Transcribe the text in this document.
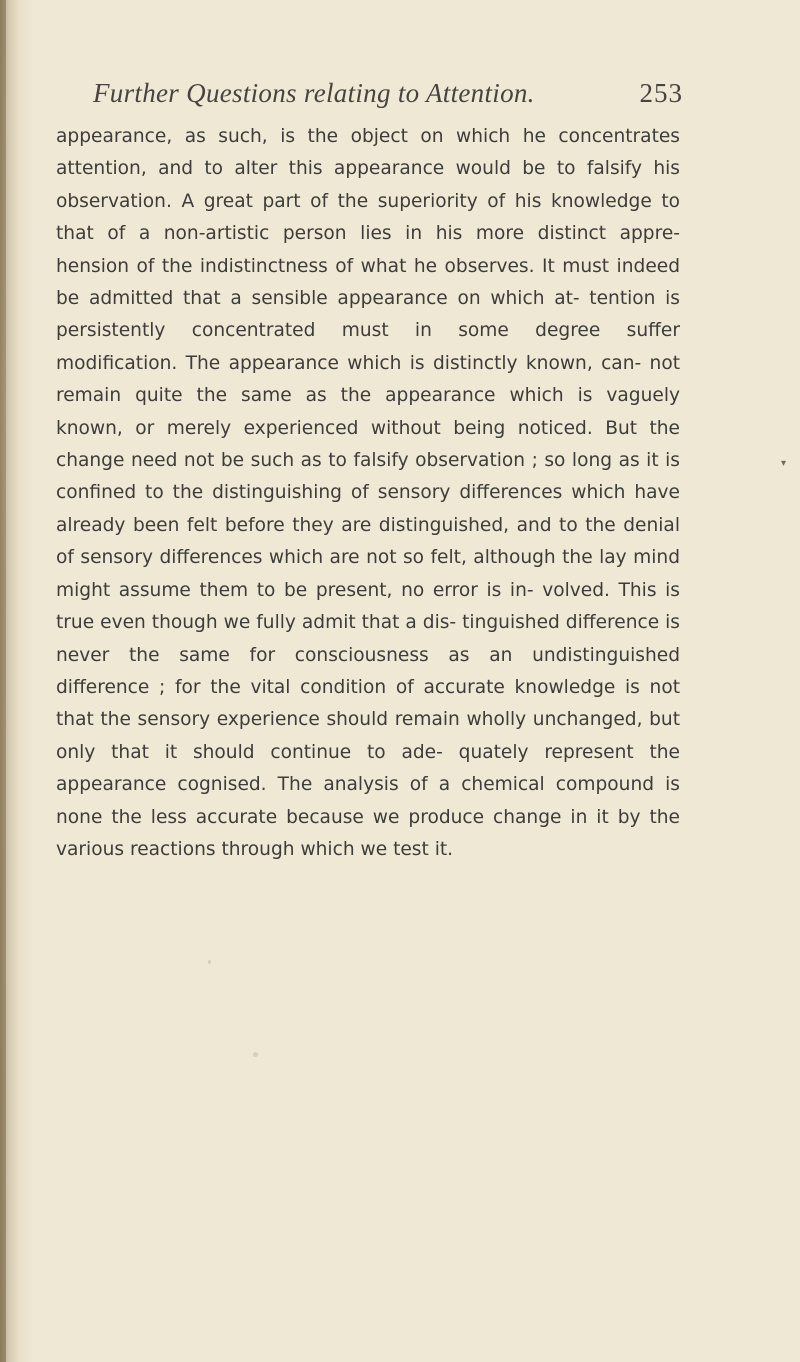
Further Questions relating to Attention.	253

appearance, as such, is the object on which he concentrates attention, and to alter this appearance would be to falsify his observation. A great part of the superiority of his knowledge to that of a non-artistic person lies in his more distinct appre- hension of the indistinctness of what he observes. It must indeed be admitted that a sensible appearance on which at- tention is persistently concentrated must in some degree suffer modification. The appearance which is distinctly known, can- not remain quite the same as the appearance which is vaguely known, or merely experienced without being noticed. But the change need not be such as to falsify observation ; so long as it is confined to the distinguishing of sensory differences which have already been felt before they are distinguished, and to the denial of sensory differences which are not so felt, although the lay mind might assume them to be present, no error is in- volved. This is true even though we fully admit that a dis- tinguished difference is never the same for consciousness as an undistinguished difference ; for the vital condition of accurate knowledge is not that the sensory experience should remain wholly unchanged, but only that it should continue to ade- quately represent the appearance cognised. The analysis of a chemical compound is none the less accurate because we produce change in it by the various reactions through which we test it.

▾
